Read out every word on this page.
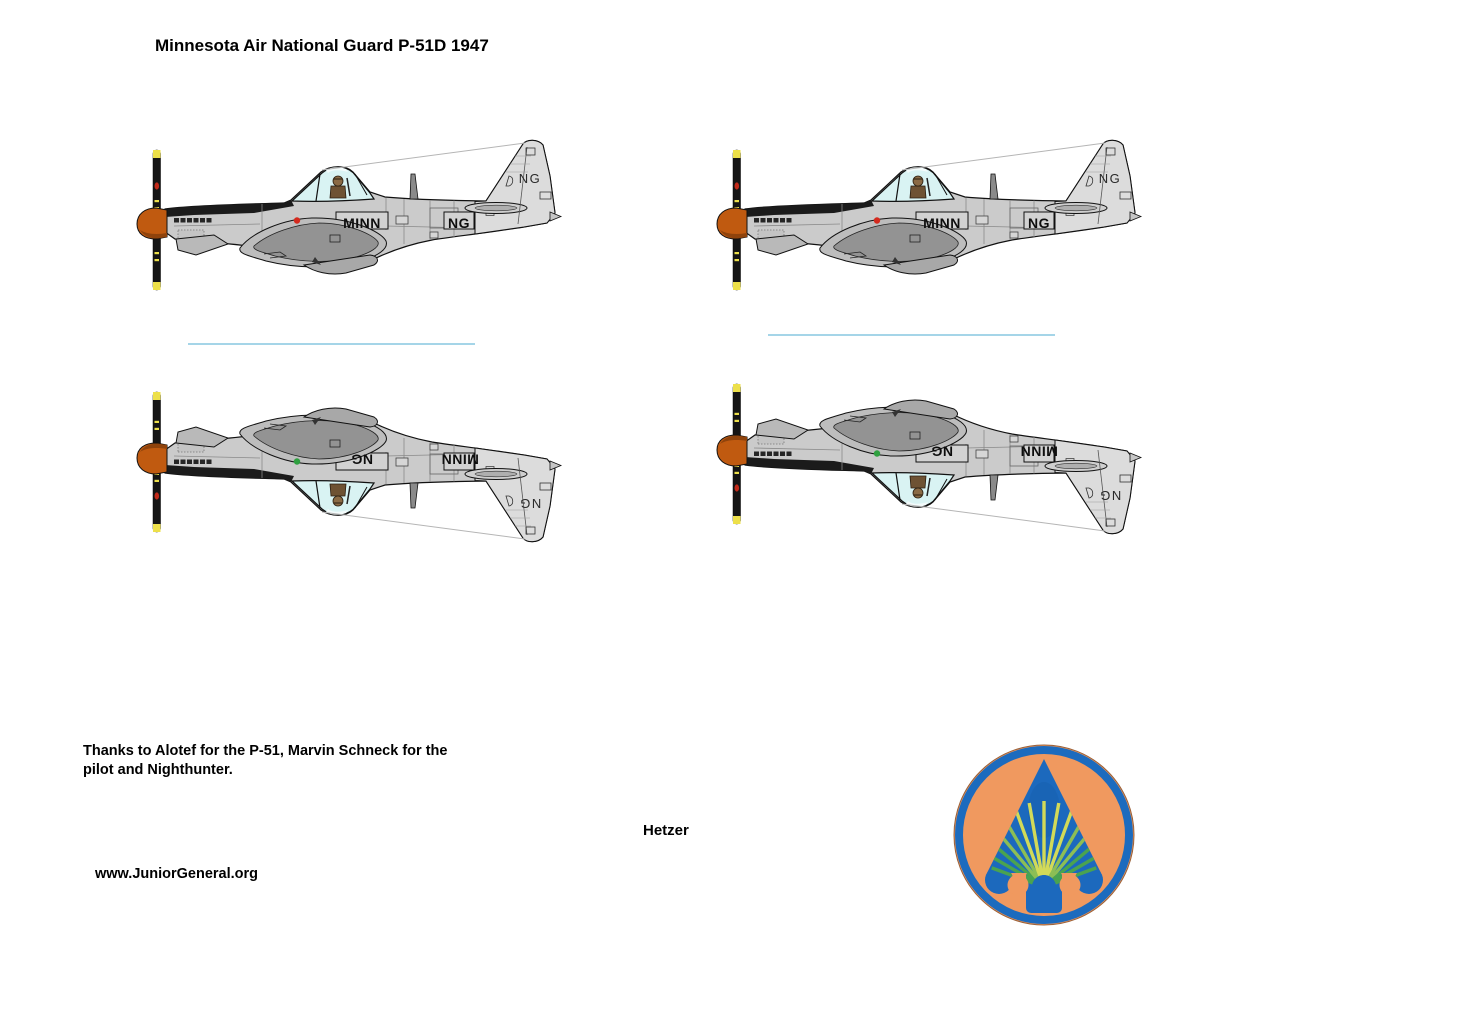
MINN	NG
NG
MINN	NG
NG
NG	MINN
NG
NG	MINN
NG
Minnesota Air National Guard P-51D 1947
Thanks to Alotef for the P-51, Marvin Schneck for the
pilot and Nighthunter.
Hetzer
www.JuniorGeneral.org
